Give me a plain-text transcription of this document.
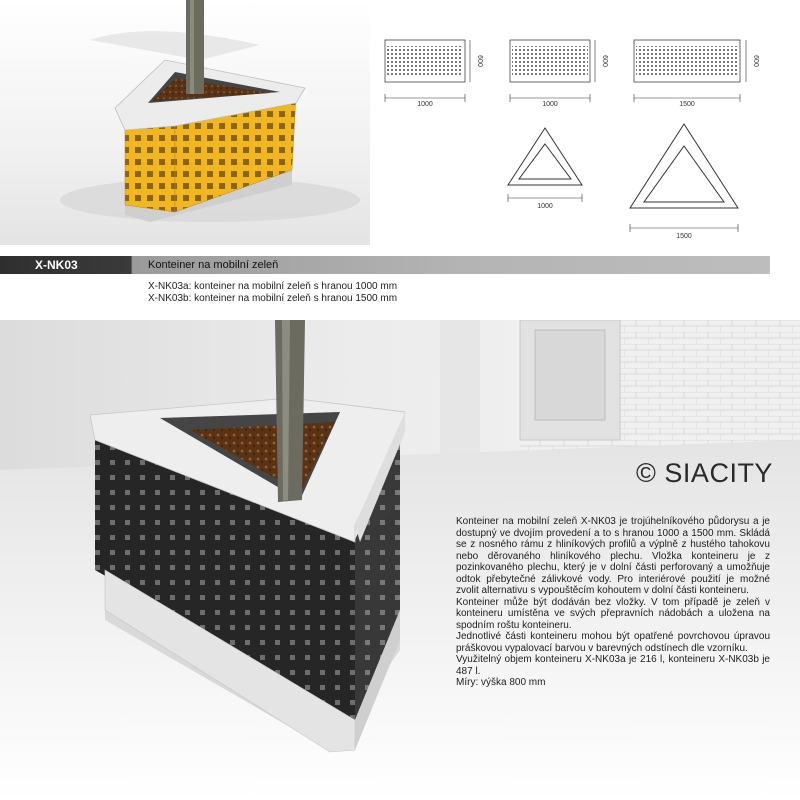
1000
600
1000
600
1500
600
1000
1500
X-NK03	Konteiner na mobilní zeleň
X-NK03a: konteiner na mobilní zeleň s hranou 1000 mm
X-NK03b: konteiner na mobilní zeleň s hranou 1500 mm
© SIACITY

Konteiner na mobilní zeleň X-NK03 je trojúhelníkového půdorysu a je dostupný ve dvojím provedení a to s hranou 1000 a 1500 mm. Skládá se z nosného rámu z hliníkových profilů a výplně z hustého tahokovu nebo děrovaného hliníkového plechu. Vložka konteineru je z pozinkovaného plechu, který je v dolní části perforovaný a umožňuje odtok přebytečné zálivkové vody. Pro interiérové použití je možné zvolit alternativu s vypouštěcím kohoutem v dolní části konteineru.

Konteiner může být dodáván bez vložky. V tom případě je zeleň v konteineru umístěna ve svých přepravních nádobách a uložena na spodním roštu konteineru.

Jednotlivé části konteineru mohou být opatřené povrchovou úpravou práškovou vypalovací barvou v barevných odstínech dle vzorníku.

Využitelný objem konteineru X-NK03a je 216 l, konteineru X-NK03b je 487 l.

Míry: výška 800 mm
